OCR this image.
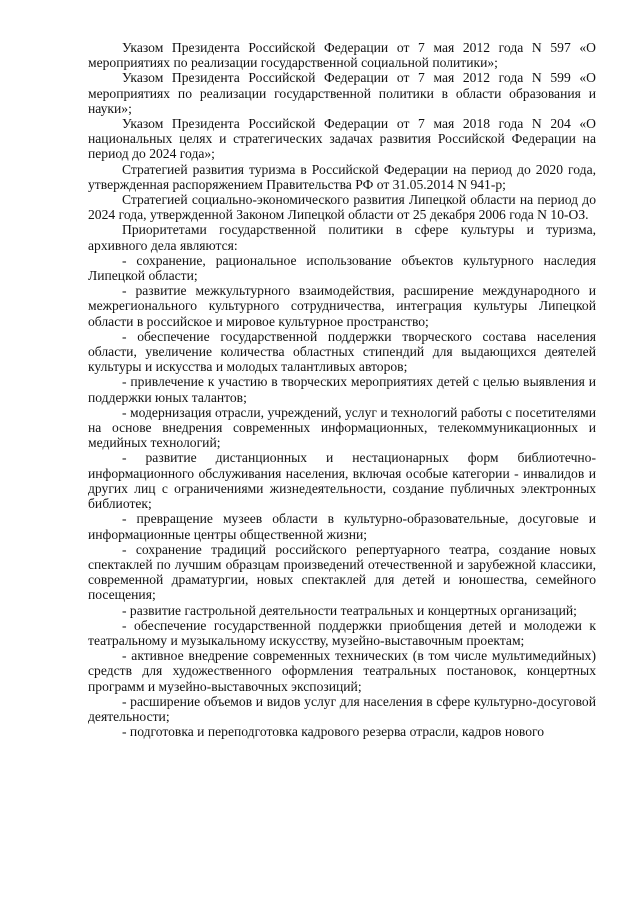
Указом Президента Российской Федерации от 7 мая 2012 года N 597 «О мероприятиях по реализации государственной социальной политики»;

Указом Президента Российской Федерации от 7 мая 2012 года N 599 «О мероприятиях по реализации государственной политики в области образования и науки»;

Указом Президента Российской Федерации от 7 мая 2018 года N 204 «О национальных целях и стратегических задачах развития Российской Федерации на период до 2024 года»;

Стратегией развития туризма в Российской Федерации на период до 2020 года, утвержденная распоряжением Правительства РФ от 31.05.2014 N 941-р;

Стратегией социально-экономического развития Липецкой области на период до 2024 года, утвержденной Законом Липецкой области от 25 декабря 2006 года N 10-ОЗ.

Приоритетами государственной политики в сфере культуры и туризма, архивного дела являются:

- сохранение, рациональное использование объектов культурного наследия Липецкой области;

- развитие межкультурного взаимодействия, расширение международного и межрегионального культурного сотрудничества, интеграция культуры Липецкой области в российское и мировое культурное пространство;

- обеспечение государственной поддержки творческого состава населения области, увеличение количества областных стипендий для выдающихся деятелей культуры и искусства и молодых талантливых авторов;

- привлечение к участию в творческих мероприятиях детей с целью выявления и поддержки юных талантов;

- модернизация отрасли, учреждений, услуг и технологий работы с посетителями на основе внедрения современных информационных, телекоммуникационных и медийных технологий;

- развитие дистанционных и нестационарных форм библиотечно-информационного обслуживания населения, включая особые категории - инвалидов и других лиц с ограничениями жизнедеятельности, создание публичных электронных библиотек;

- превращение музеев области в культурно-образовательные, досуговые и информационные центры общественной жизни;

- сохранение традиций российского репертуарного театра, создание новых спектаклей по лучшим образцам произведений отечественной и зарубежной классики, современной драматургии, новых спектаклей для детей и юношества, семейного посещения;

- развитие гастрольной деятельности театральных и концертных организаций;

- обеспечение государственной поддержки приобщения детей и молодежи к театральному и музыкальному искусству, музейно-выставочным проектам;

- активное внедрение современных технических (в том числе мультимедийных) средств для художественного оформления театральных постановок, концертных программ и музейно-выставочных экспозиций;

- расширение объемов и видов услуг для населения в сфере культурно-досуговой деятельности;

- подготовка и переподготовка кадрового резерва отрасли, кадров нового
